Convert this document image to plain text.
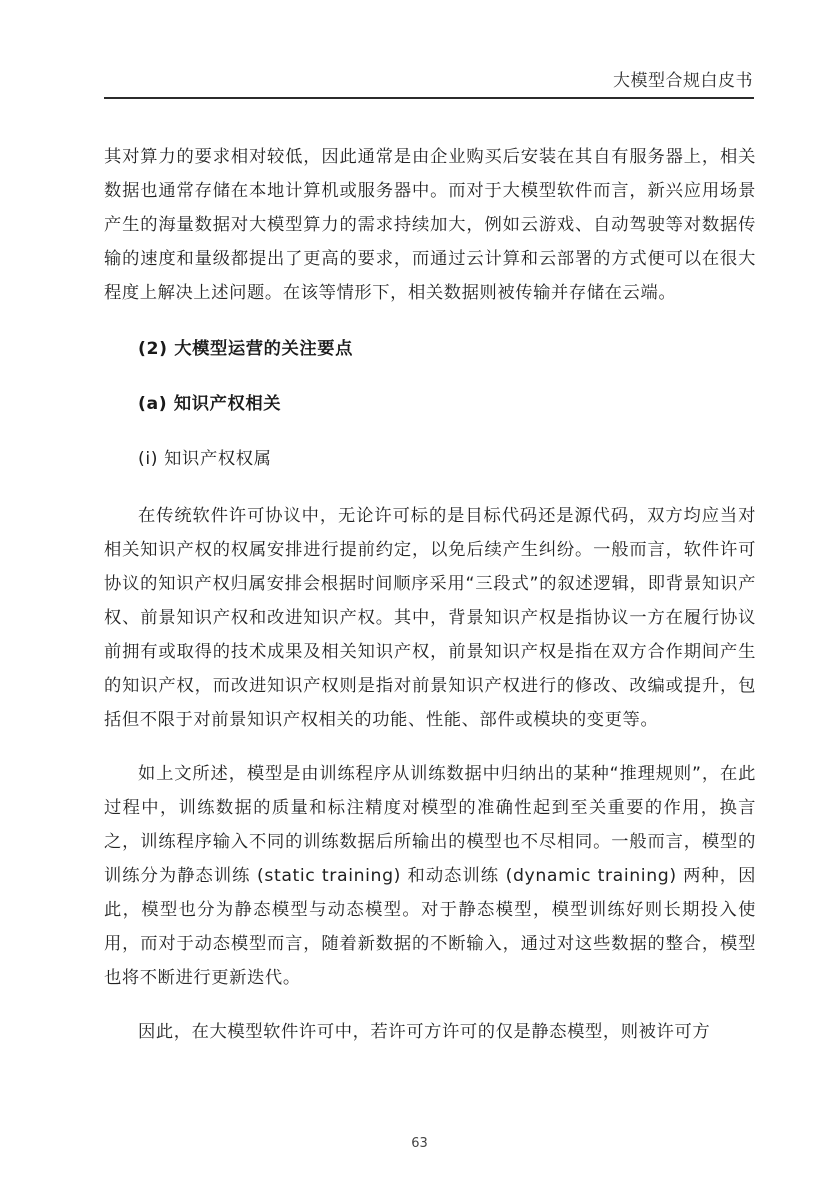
大模型合规白皮书

其对算力的要求相对较低，因此通常是由企业购买后安装在其自有服务器上，相关数据也通常存储在本地计算机或服务器中。而对于大模型软件而言，新兴应用场景产生的海量数据对大模型算力的需求持续加大，例如云游戏、自动驾驶等对数据传输的速度和量级都提出了更高的要求，而通过云计算和云部署的方式便可以在很大程度上解决上述问题。在该等情形下，相关数据则被传输并存储在云端。

(2) 大模型运营的关注要点

(a) 知识产权相关

(i) 知识产权权属

在传统软件许可协议中，无论许可标的是目标代码还是源代码，双方均应当对相关知识产权的权属安排进行提前约定，以免后续产生纠纷。一般而言，软件许可协议的知识产权归属安排会根据时间顺序采用“三段式”的叙述逻辑，即背景知识产权、前景知识产权和改进知识产权。其中，背景知识产权是指协议一方在履行协议前拥有或取得的技术成果及相关知识产权，前景知识产权是指在双方合作期间产生的知识产权，而改进知识产权则是指对前景知识产权进行的修改、改编或提升，包括但不限于对前景知识产权相关的功能、性能、部件或模块的变更等。

如上文所述，模型是由训练程序从训练数据中归纳出的某种“推理规则”，在此过程中，训练数据的质量和标注精度对模型的准确性起到至关重要的作用，换言之，训练程序输入不同的训练数据后所输出的模型也不尽相同。一般而言，模型的训练分为静态训练 (static training) 和动态训练 (dynamic training) 两种，因此，模型也分为静态模型与动态模型。对于静态模型，模型训练好则长期投入使用，而对于动态模型而言，随着新数据的不断输入，通过对这些数据的整合，模型也将不断进行更新迭代。

因此，在大模型软件许可中，若许可方许可的仅是静态模型，则被许可方

63
